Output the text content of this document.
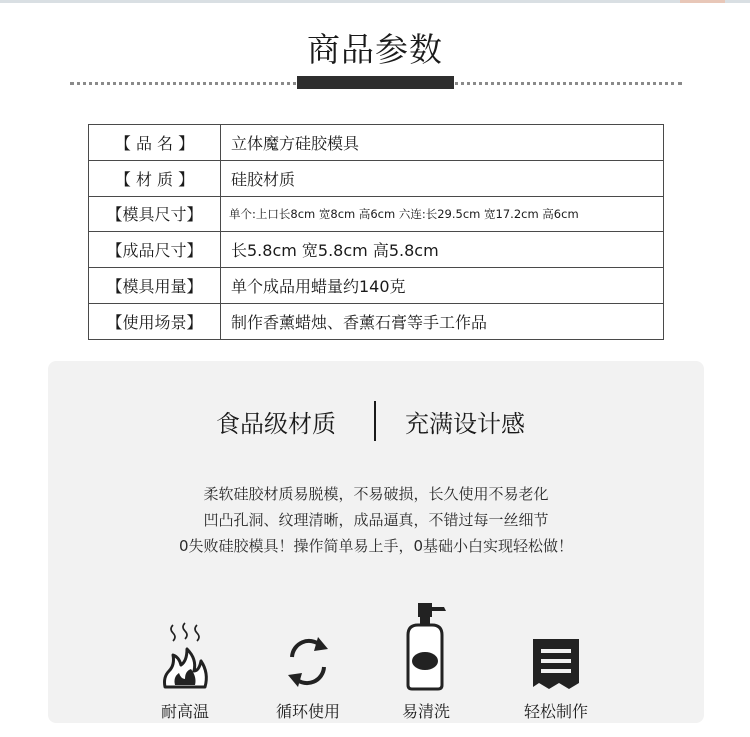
商品参数
【 品 名 】	立体魔方硅胶模具
【 材 质 】	硅胶材质
【模具尺寸】	单个:上口长8cm 宽8cm 高6cm 六连:长29.5cm 宽17.2cm 高6cm
【成品尺寸】	长5.8cm 宽5.8cm 高5.8cm
【模具用量】	单个成品用蜡量约140克
【使用场景】	制作香薰蜡烛、香薰石膏等手工作品
食品级材质	充满设计感
柔软硅胶材质易脱模，不易破损，长久使用不易老化
凹凸孔洞、纹理清晰，成品逼真，不错过每一丝细节
0失败硅胶模具！操作简单易上手，0基础小白实现轻松做！
耐高温	循环使用	易清洗	轻松制作
